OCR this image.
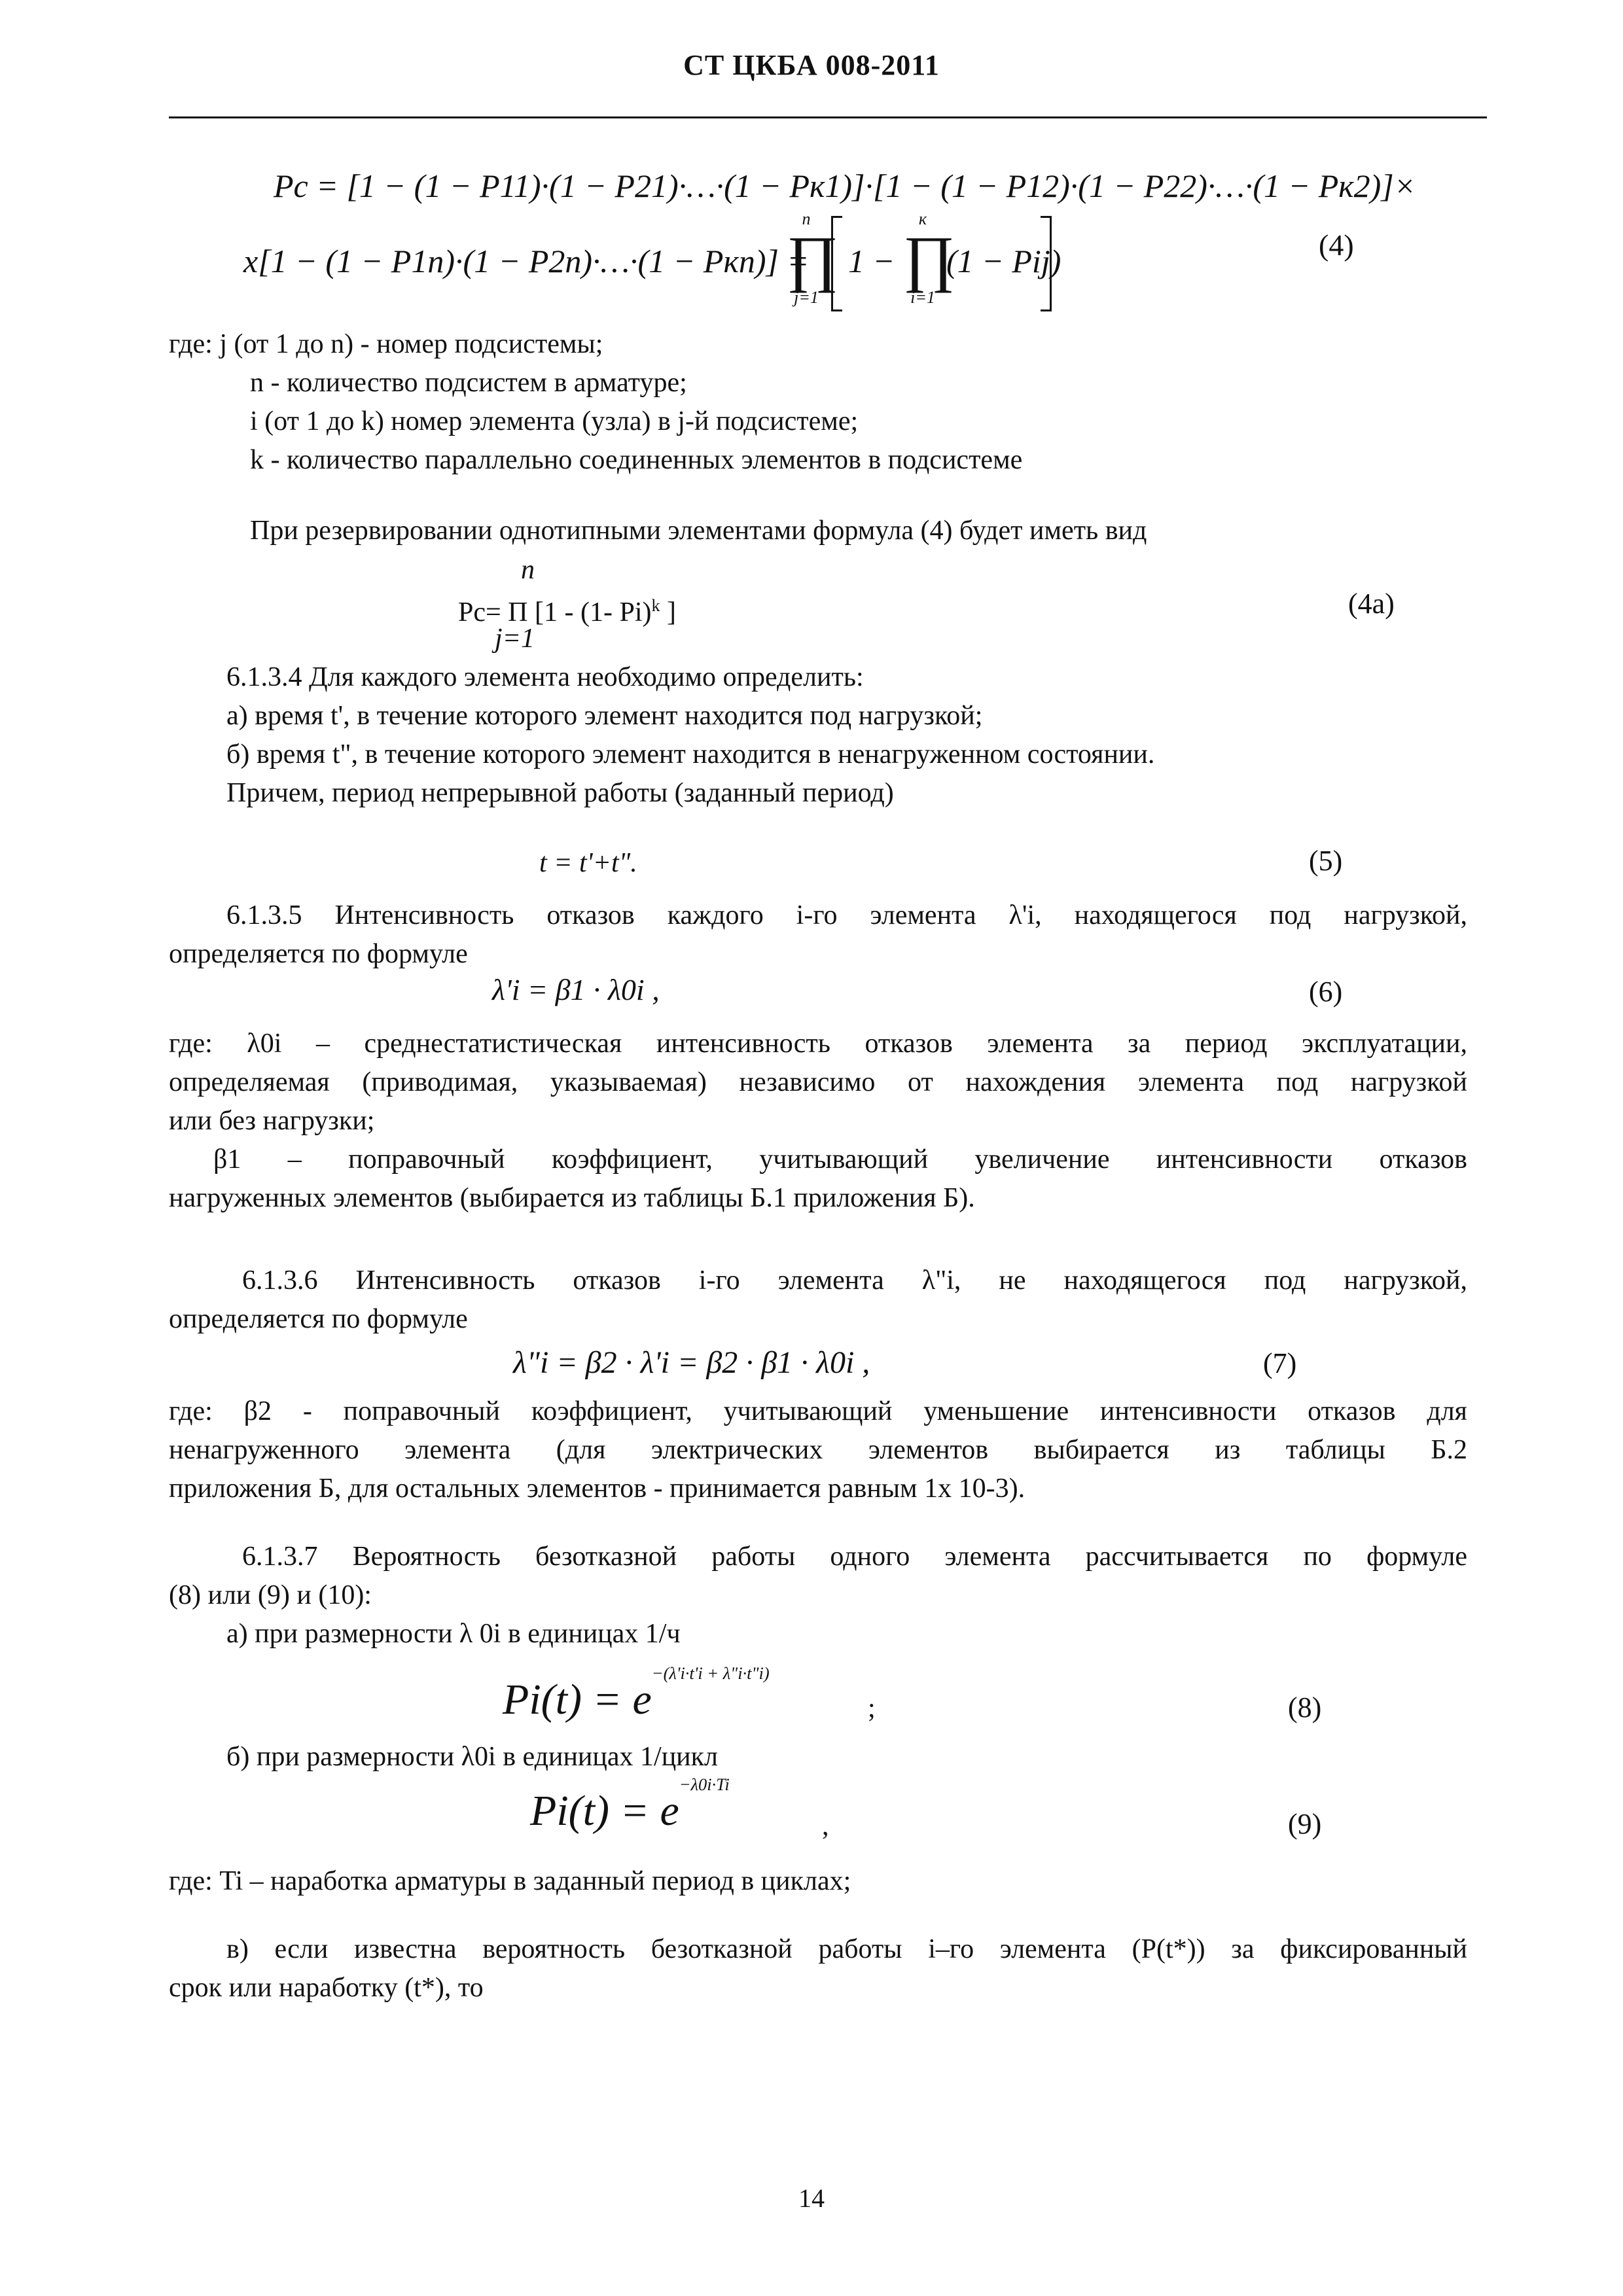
СТ ЦКБА 008-2011
Pc = [1 − (1 − P11)·(1 − P21)·…·(1 − Pк1)]·[1 − (1 − P12)·(1 − P22)·…·(1 − Pк2)]×
x[1 − (1 − P1n)·(1 − P2n)·…·(1 − Pкn)] =
n
∏
j=1
1 −
к
∏
i=1
(1 − Pij)	(4)
где: j (от 1 до n) - номер подсистемы;
n - количество подсистем в арматуре;
i (от 1 до k) номер элемента (узла) в j-й подсистеме;
k - количество параллельно соединенных элементов в подсистеме
При резервировании однотипными элементами формула (4) будет иметь вид
n
Pc= Π [1 - (1- Pi)$^k$ ]
j=1
(4а)
6.1.3.4 Для каждого элемента необходимо определить:
а) время t', в течение которого элемент находится под нагрузкой;
б) время t", в течение которого элемент находится в ненагруженном состоянии.
Причем, период непрерывной работы (заданный период)
t = t'+t".	(5)
6.1.3.5 Интенсивность отказов каждого i-го элемента λ'i, находящегося под нагрузкой,
определяется по формуле
λ'i = β1 · λ0i ,	(6)
где: λ0i – среднестатистическая интенсивность отказов элемента за период эксплуатации,
определяемая (приводимая, указываемая) независимо от нахождения элемента под нагрузкой
или без нагрузки;
β1 – поправочный коэффициент, учитывающий увеличение интенсивности отказов
нагруженных элементов (выбирается из таблицы Б.1 приложения Б).
6.1.3.6 Интенсивность отказов i-го элемента λ"i, не находящегося под нагрузкой,
определяется по формуле
λ"i = β2 · λ'i = β2 · β1 · λ0i ,	(7)
где: β2 - поправочный коэффициент, учитывающий уменьшение интенсивности отказов для
ненагруженного элемента (для электрических элементов выбирается из таблицы Б.2
приложения Б, для остальных элементов - принимается равным 1х 10-3).
6.1.3.7 Вероятность безотказной работы одного элемента рассчитывается по формуле
(8) или (9) и (10):
а) при размерности λ 0i в единицах 1/ч
$Pi(t) = e^{-(\lambda'i\cdot t'i + \lambda"i\cdot t"i)}$
;	(8)
б) при размерности λ0i в единицах 1/цикл
$Pi(t) = e^{-\lambda 0i\cdot Ti}$
,	(9)
где: Ti – наработка арматуры в заданный период в циклах;
в) если известна вероятность безотказной работы i–го элемента (P(t*)) за фиксированный
срок или наработку (t*), то
14
